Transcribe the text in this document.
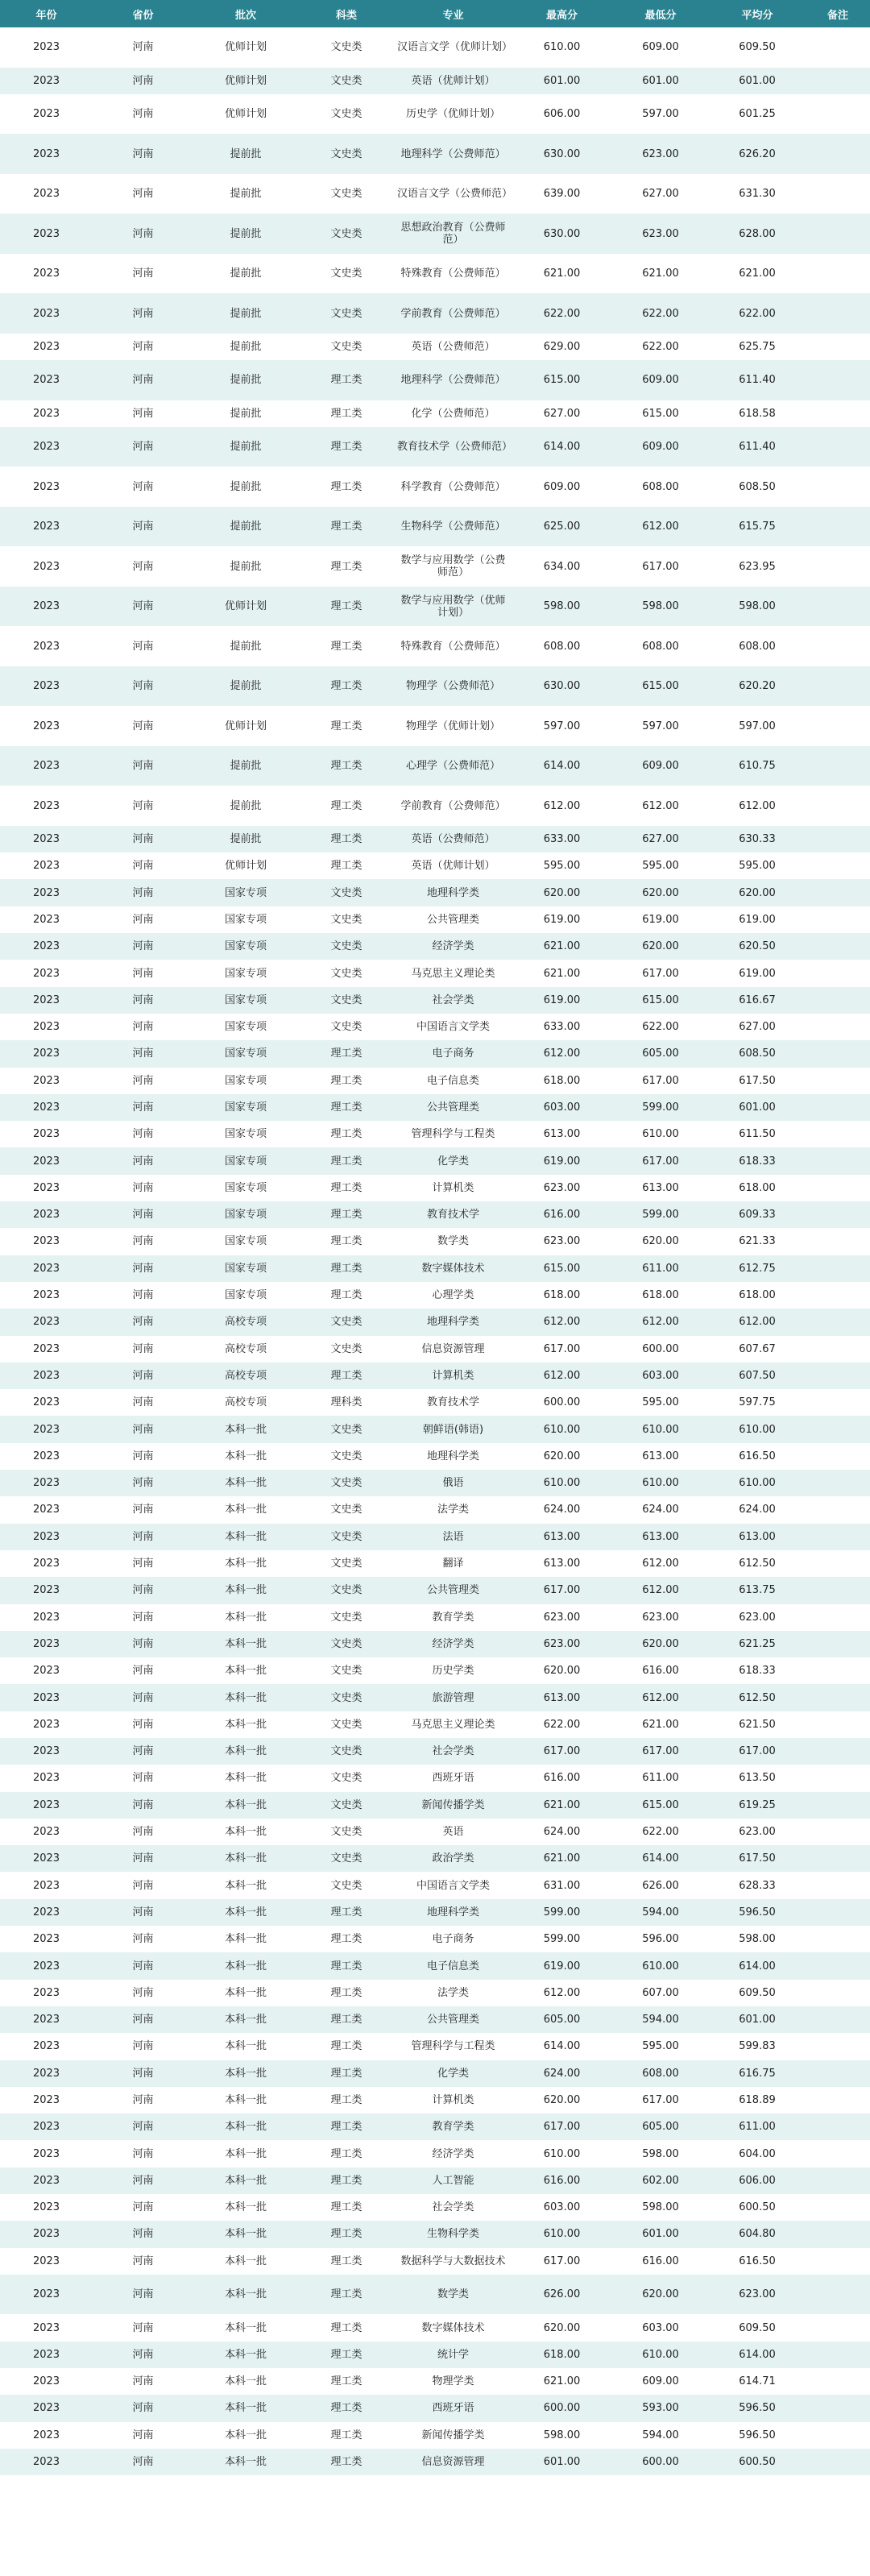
年份	省份	批次	科类	专业	最高分	最低分	平均分	备注
2023	河南	优师计划	文史类	汉语言文学（优师计划）	610.00	609.00	609.50	
2023	河南	优师计划	文史类	英语（优师计划）	601.00	601.00	601.00	
2023	河南	优师计划	文史类	历史学（优师计划）	606.00	597.00	601.25	
2023	河南	提前批	文史类	地理科学（公费师范）	630.00	623.00	626.20	
2023	河南	提前批	文史类	汉语言文学（公费师范）	639.00	627.00	631.30	
2023	河南	提前批	文史类	思想政治教育（公费师范）	630.00	623.00	628.00	
2023	河南	提前批	文史类	特殊教育（公费师范）	621.00	621.00	621.00	
2023	河南	提前批	文史类	学前教育（公费师范）	622.00	622.00	622.00	
2023	河南	提前批	文史类	英语（公费师范）	629.00	622.00	625.75	
2023	河南	提前批	理工类	地理科学（公费师范）	615.00	609.00	611.40	
2023	河南	提前批	理工类	化学（公费师范）	627.00	615.00	618.58	
2023	河南	提前批	理工类	教育技术学（公费师范）	614.00	609.00	611.40	
2023	河南	提前批	理工类	科学教育（公费师范）	609.00	608.00	608.50	
2023	河南	提前批	理工类	生物科学（公费师范）	625.00	612.00	615.75	
2023	河南	提前批	理工类	数学与应用数学（公费师范）	634.00	617.00	623.95	
2023	河南	优师计划	理工类	数学与应用数学（优师计划）	598.00	598.00	598.00	
2023	河南	提前批	理工类	特殊教育（公费师范）	608.00	608.00	608.00	
2023	河南	提前批	理工类	物理学（公费师范）	630.00	615.00	620.20	
2023	河南	优师计划	理工类	物理学（优师计划）	597.00	597.00	597.00	
2023	河南	提前批	理工类	心理学（公费师范）	614.00	609.00	610.75	
2023	河南	提前批	理工类	学前教育（公费师范）	612.00	612.00	612.00	
2023	河南	提前批	理工类	英语（公费师范）	633.00	627.00	630.33	
2023	河南	优师计划	理工类	英语（优师计划）	595.00	595.00	595.00	
2023	河南	国家专项	文史类	地理科学类	620.00	620.00	620.00	
2023	河南	国家专项	文史类	公共管理类	619.00	619.00	619.00	
2023	河南	国家专项	文史类	经济学类	621.00	620.00	620.50	
2023	河南	国家专项	文史类	马克思主义理论类	621.00	617.00	619.00	
2023	河南	国家专项	文史类	社会学类	619.00	615.00	616.67	
2023	河南	国家专项	文史类	中国语言文学类	633.00	622.00	627.00	
2023	河南	国家专项	理工类	电子商务	612.00	605.00	608.50	
2023	河南	国家专项	理工类	电子信息类	618.00	617.00	617.50	
2023	河南	国家专项	理工类	公共管理类	603.00	599.00	601.00	
2023	河南	国家专项	理工类	管理科学与工程类	613.00	610.00	611.50	
2023	河南	国家专项	理工类	化学类	619.00	617.00	618.33	
2023	河南	国家专项	理工类	计算机类	623.00	613.00	618.00	
2023	河南	国家专项	理工类	教育技术学	616.00	599.00	609.33	
2023	河南	国家专项	理工类	数学类	623.00	620.00	621.33	
2023	河南	国家专项	理工类	数字媒体技术	615.00	611.00	612.75	
2023	河南	国家专项	理工类	心理学类	618.00	618.00	618.00	
2023	河南	高校专项	文史类	地理科学类	612.00	612.00	612.00	
2023	河南	高校专项	文史类	信息资源管理	617.00	600.00	607.67	
2023	河南	高校专项	理工类	计算机类	612.00	603.00	607.50	
2023	河南	高校专项	理科类	教育技术学	600.00	595.00	597.75	
2023	河南	本科一批	文史类	朝鲜语(韩语)	610.00	610.00	610.00	
2023	河南	本科一批	文史类	地理科学类	620.00	613.00	616.50	
2023	河南	本科一批	文史类	俄语	610.00	610.00	610.00	
2023	河南	本科一批	文史类	法学类	624.00	624.00	624.00	
2023	河南	本科一批	文史类	法语	613.00	613.00	613.00	
2023	河南	本科一批	文史类	翻译	613.00	612.00	612.50	
2023	河南	本科一批	文史类	公共管理类	617.00	612.00	613.75	
2023	河南	本科一批	文史类	教育学类	623.00	623.00	623.00	
2023	河南	本科一批	文史类	经济学类	623.00	620.00	621.25	
2023	河南	本科一批	文史类	历史学类	620.00	616.00	618.33	
2023	河南	本科一批	文史类	旅游管理	613.00	612.00	612.50	
2023	河南	本科一批	文史类	马克思主义理论类	622.00	621.00	621.50	
2023	河南	本科一批	文史类	社会学类	617.00	617.00	617.00	
2023	河南	本科一批	文史类	西班牙语	616.00	611.00	613.50	
2023	河南	本科一批	文史类	新闻传播学类	621.00	615.00	619.25	
2023	河南	本科一批	文史类	英语	624.00	622.00	623.00	
2023	河南	本科一批	文史类	政治学类	621.00	614.00	617.50	
2023	河南	本科一批	文史类	中国语言文学类	631.00	626.00	628.33	
2023	河南	本科一批	理工类	地理科学类	599.00	594.00	596.50	
2023	河南	本科一批	理工类	电子商务	599.00	596.00	598.00	
2023	河南	本科一批	理工类	电子信息类	619.00	610.00	614.00	
2023	河南	本科一批	理工类	法学类	612.00	607.00	609.50	
2023	河南	本科一批	理工类	公共管理类	605.00	594.00	601.00	
2023	河南	本科一批	理工类	管理科学与工程类	614.00	595.00	599.83	
2023	河南	本科一批	理工类	化学类	624.00	608.00	616.75	
2023	河南	本科一批	理工类	计算机类	620.00	617.00	618.89	
2023	河南	本科一批	理工类	教育学类	617.00	605.00	611.00	
2023	河南	本科一批	理工类	经济学类	610.00	598.00	604.00	
2023	河南	本科一批	理工类	人工智能	616.00	602.00	606.00	
2023	河南	本科一批	理工类	社会学类	603.00	598.00	600.50	
2023	河南	本科一批	理工类	生物科学类	610.00	601.00	604.80	
2023	河南	本科一批	理工类	数据科学与大数据技术	617.00	616.00	616.50	
2023	河南	本科一批	理工类	数学类	626.00	620.00	623.00	
2023	河南	本科一批	理工类	数字媒体技术	620.00	603.00	609.50	
2023	河南	本科一批	理工类	统计学	618.00	610.00	614.00	
2023	河南	本科一批	理工类	物理学类	621.00	609.00	614.71	
2023	河南	本科一批	理工类	西班牙语	600.00	593.00	596.50	
2023	河南	本科一批	理工类	新闻传播学类	598.00	594.00	596.50	
2023	河南	本科一批	理工类	信息资源管理	601.00	600.00	600.50	
